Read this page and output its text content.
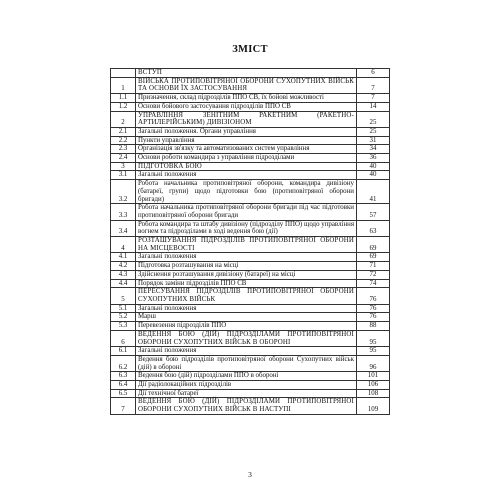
ЗМІСТ
	ВСТУП	6
1	ВІЙСЬКА ПРОТИПОВІТРЯНОЇ ОБОРОНИ СУХОПУТНИХ ВІЙСЬК ТА ОСНОВИ ЇХ ЗАСТОСУВАННЯ	7
1.1	Призначення, склад підрозділів ППО СВ, їх бойові можливості	7
1.2	Основи бойового застосування підрозділів ППО СВ	14
2	УПРАВЛІННЯ ЗЕНІТНИМ РАКЕТНИМ (РАКЕТНО-АРТИЛЕРІЙСЬКИМ) ДИВІЗІОНОМ	25
2.1	Загальні положення. Органи управління	25
2.2	Пункти управління	31
2.3	Організація зв'язку та автоматизованих систем управління	34
2.4	Основи роботи командира з управління підрозділами	36
3	ПІДГОТОВКА БОЮ	40
3.1	Загальні положення	40
3.2	Робота начальника протиповітряної оборони, командира дивізіону (батареї, групи) щодо підготовки бою (протиповітряної оборони бригади)	41
3.3	Робота начальника протиповітряної оборони бригади під час підготовки протиповітряної оборони бригади	57
3.4	Робота командира та штабу дивізіону (підрозділу ППО) щодо управління вогнем та підрозділами в ході ведення бою (дії)	63
4	РОЗТАШУВАННЯ ПІДРОЗДІЛІВ ПРОТИПОВІТРЯНОЇ ОБОРОНИ НА МІСЦЕВОСТІ	69
4.1	Загальні положення	69
4.2	Підготовка розташування на місці	71
4.3	Здійснення розташування дивізіону (батареї) на місці	72
4.4	Порядок заміни підрозділів ППО СВ	74
5	ПЕРЕСУВАННЯ ПІДРОЗДІЛІВ ПРОТИПОВІТРЯНОЇ ОБОРОНИ СУХОПУТНИХ ВІЙСЬК	76
5.1	Загальні положення	76
5.2	Марш	76
5.3	Перевезення підрозділів ППО	88
6	ВЕДЕННЯ БОЮ (ДІЙ) ПІДРОЗДІЛАМИ ПРОТИПОВІТРЯНОЇ ОБОРОНИ СУХОПУТНИХ ВІЙСЬК В ОБОРОНІ	95
6.1	Загальні положення	95
6.2	Ведення бою підрозділів протиповітряної оборони Сухопутних військ (дій) в обороні	96
6.3	Ведення бою (дій) підрозділами ППО в обороні	101
6.4	Дії радіолокаційних підрозділів	106
6.5	Дії технічної батареї	108
7	ВЕДЕННЯ БОЮ (ДІЙ) ПІДРОЗДІЛАМИ ПРОТИПОВІТРЯНОЇ ОБОРОНИ СУХОПУТНИХ ВІЙСЬК В НАСТУПІ	109
3
